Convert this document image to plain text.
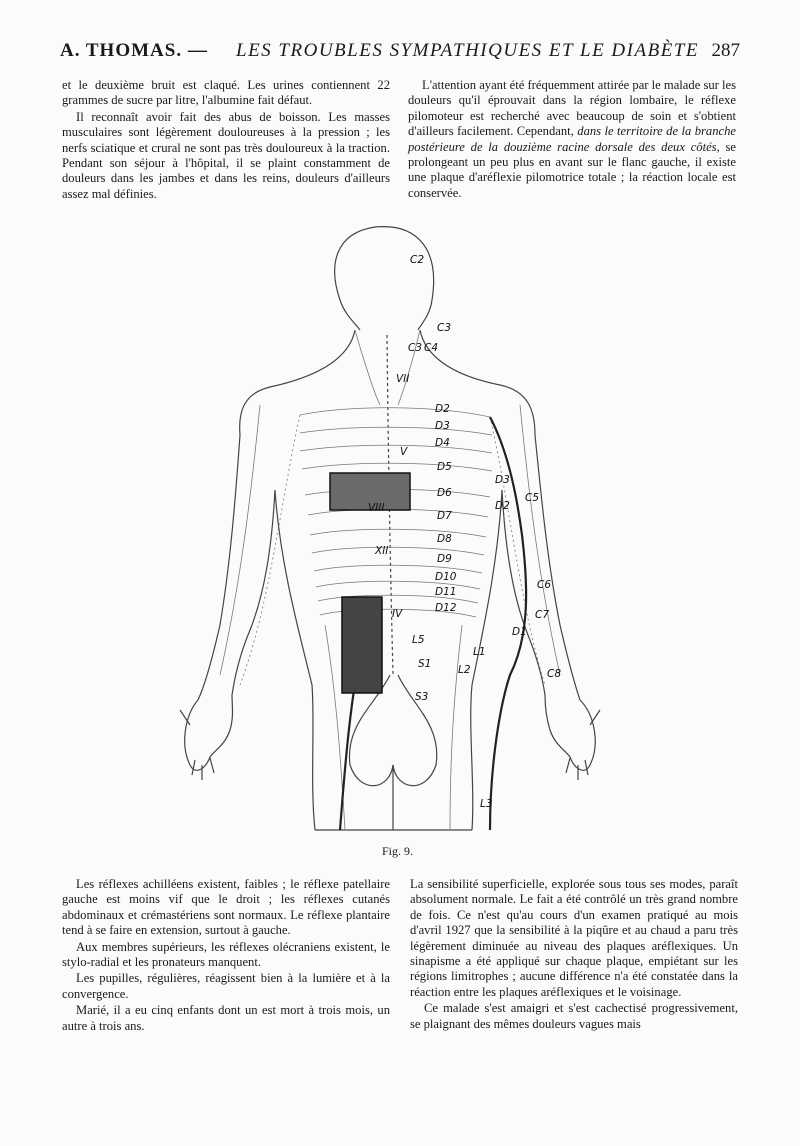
A. THOMAS. — LES TROUBLES SYMPATHIQUES ET LE DIABÈTE 287

et le deuxième bruit est claqué. Les urines contiennent 22 grammes de sucre par litre, l'albumine fait défaut.

Il reconnaît avoir fait des abus de boisson. Les masses musculaires sont légèrement douloureuses à la pression ; les nerfs sciatique et crural ne sont pas très douloureux à la traction. Pendant son séjour à l'hôpital, il se plaint constamment de douleurs dans les jambes et dans les reins, douleurs d'ailleurs assez mal définies.

L'attention ayant été fréquemment attirée par le malade sur les douleurs qu'il éprouvait dans la région lombaire, le réflexe pilomoteur est recherché avec beaucoup de soin et s'obtient d'ailleurs facilement. Cependant, dans le territoire de la branche postérieure de la douzième racine dorsale des deux côtés, se prolongeant un peu plus en avant sur le flanc gauche, il existe une plaque d'aréflexie pilomotrice totale ; la réaction locale est conservée.

C2
C3
C3 C4
VII
D2
D3
D4
V
D5
D6
D7
D8
D9
D10
D11
D12
XII
IV
VIII
D3
D2
C5
C6
C7
D1
C8
L1
L2
L5
S1
S3
L3
Fig. 9.

Les réflexes achilléens existent, faibles ; le réflexe patellaire gauche est moins vif que le droit ; les réflexes cutanés abdominaux et crémastériens sont normaux. Le réflexe plantaire tend à se faire en extension, surtout à gauche.

Aux membres supérieurs, les réflexes olécraniens existent, le stylo-radial et les pronateurs manquent.

Les pupilles, régulières, réagissent bien à la lumière et à la convergence.

Marié, il a eu cinq enfants dont un est mort à trois mois, un autre à trois ans.

La sensibilité superficielle, explorée sous tous ses modes, paraît absolument normale. Le fait a été contrôlé un très grand nombre de fois. Ce n'est qu'au cours d'un examen pratiqué au mois d'avril 1927 que la sensibilité à la piqûre et au chaud a paru très légèrement diminuée au niveau des plaques aréflexiques. Un sinapisme a été appliqué sur chaque plaque, empiétant sur les régions limitrophes ; aucune différence n'a été constatée dans la réaction entre les plaques aréflexiques et le voisinage.

Ce malade s'est amaigri et s'est cachectisé progressivement, se plaignant des mêmes douleurs vagues mais
